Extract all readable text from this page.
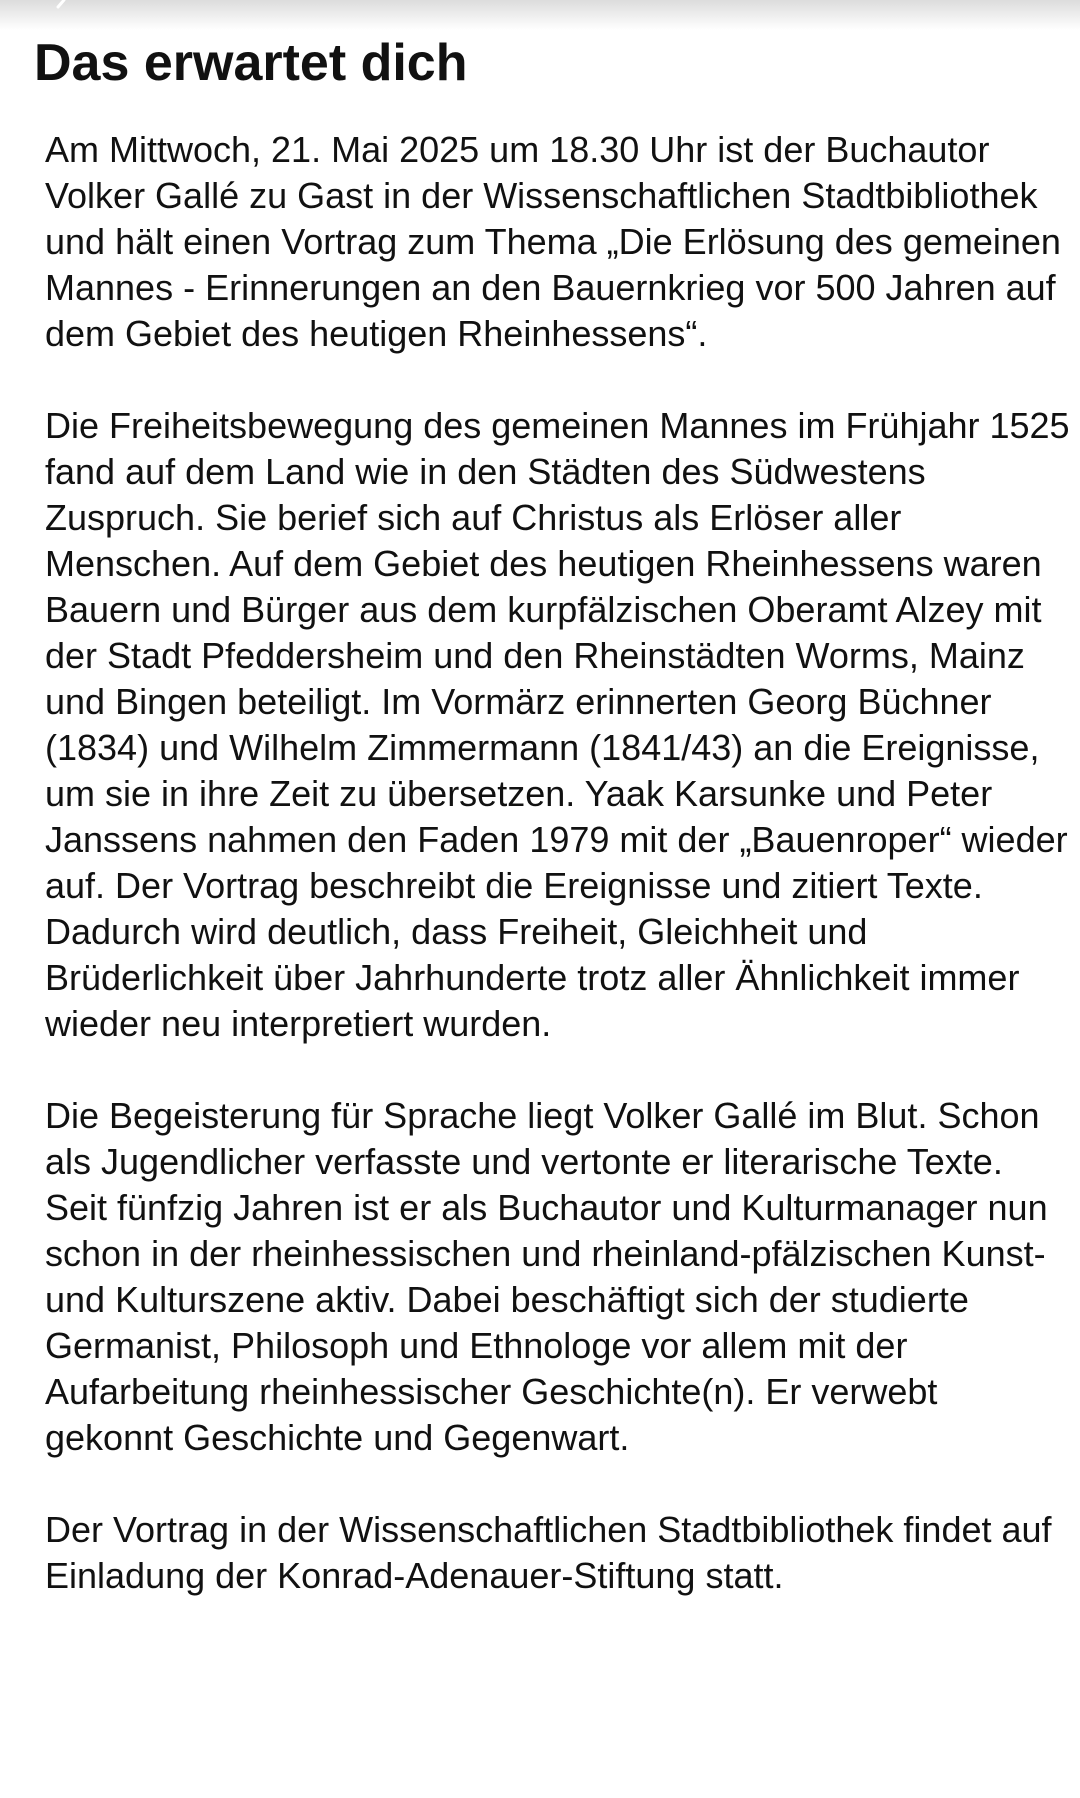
Das erwartet dich

Am Mittwoch, 21. Mai 2025 um 18.30 Uhr ist der Buchautor Volker Gallé zu Gast in der Wissenschaftlichen Stadtbibliothek und hält einen Vortrag zum Thema „Die Erlösung des gemeinen Mannes - Erinnerungen an den Bauernkrieg vor 500 Jahren auf dem Gebiet des heutigen Rheinhessens“.

Die Freiheitsbewegung des gemeinen Mannes im Frühjahr 1525 fand auf dem Land wie in den Städten des Südwestens Zuspruch. Sie berief sich auf Christus als Erlöser aller Menschen. Auf dem Gebiet des heutigen Rheinhessens waren Bauern und Bürger aus dem kurpfälzischen Oberamt Alzey mit der Stadt Pfeddersheim und den Rheinstädten Worms, Mainz und Bingen beteiligt. Im Vormärz erinnerten Georg Büchner (1834) und Wilhelm Zimmermann (1841/43) an die Ereignisse, um sie in ihre Zeit zu übersetzen. Yaak Karsunke und Peter Janssens nahmen den Faden 1979 mit der „Bauenroper“ wieder auf. Der Vortrag beschreibt die Ereignisse und zitiert Texte. Dadurch wird deutlich, dass Freiheit, Gleichheit und Brüderlichkeit über Jahrhunderte trotz aller Ähnlichkeit immer wieder neu interpretiert wurden.

Die Begeisterung für Sprache liegt Volker Gallé im Blut. Schon als Jugendlicher verfasste und vertonte er literarische Texte. Seit fünfzig Jahren ist er als Buchautor und Kulturmanager nun schon in der rheinhessischen und rheinland-pfälzischen Kunst- und Kulturszene aktiv. Dabei beschäftigt sich der studierte Germanist, Philosoph und Ethnologe vor allem mit der Aufarbeitung rheinhessischer Geschichte(n). Er verwebt gekonnt Geschichte und Gegenwart.

Der Vortrag in der Wissenschaftlichen Stadtbibliothek findet auf Einladung der Konrad-Adenauer-Stiftung statt.
